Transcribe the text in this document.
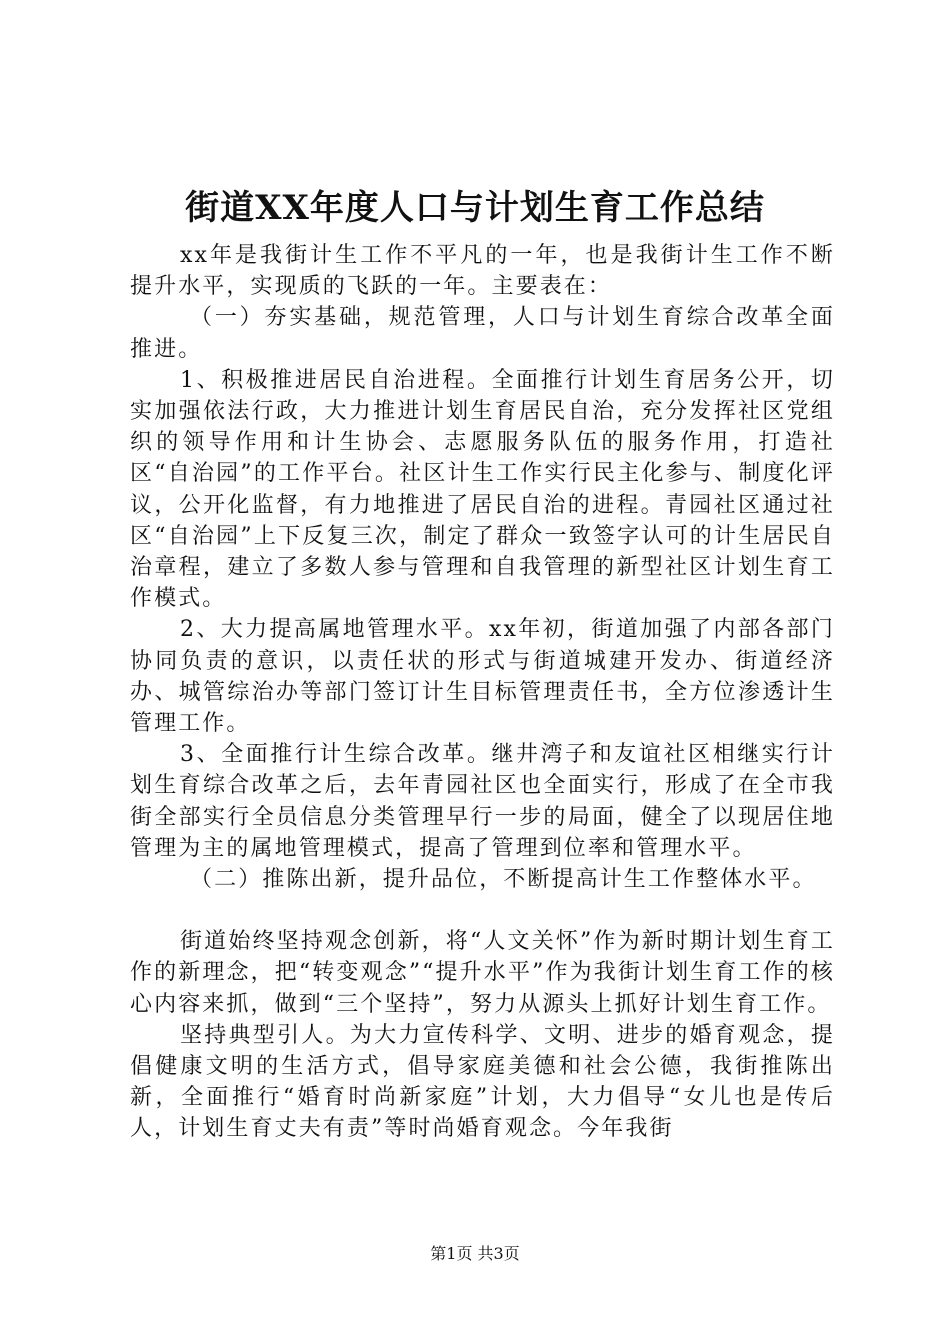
街道XX年度人口与计划生育工作总结

xx年是我街计生工作不平凡的一年，也是我街计生工作不断提升水平，实现质的飞跃的一年。主要表在：

（一）夯实基础，规范管理，人口与计划生育综合改革全面推进。

1、积极推进居民自治进程。全面推行计划生育居务公开，切实加强依法行政，大力推进计划生育居民自治，充分发挥社区党组织的领导作用和计生协会、志愿服务队伍的服务作用，打造社区“自治园”的工作平台。社区计生工作实行民主化参与、制度化评议，公开化监督，有力地推进了居民自治的进程。青园社区通过社区“自治园”上下反复三次，制定了群众一致签字认可的计生居民自治章程，建立了多数人参与管理和自我管理的新型社区计划生育工作模式。

2、大力提高属地管理水平。xx年初，街道加强了内部各部门协同负责的意识，以责任状的形式与街道城建开发办、街道经济办、城管综治办等部门签订计生目标管理责任书，全方位渗透计生管理工作。

3、全面推行计生综合改革。继井湾子和友谊社区相继实行计划生育综合改革之后，去年青园社区也全面实行，形成了在全市我街全部实行全员信息分类管理早行一步的局面，健全了以现居住地管理为主的属地管理模式，提高了管理到位率和管理水平。

（二）推陈出新，提升品位，不断提高计生工作整体水平。

街道始终坚持观念创新，将“人文关怀”作为新时期计划生育工作的新理念，把“转变观念”“提升水平”作为我街计划生育工作的核心内容来抓，做到“三个坚持”，努力从源头上抓好计划生育工作。

坚持典型引人。为大力宣传科学、文明、进步的婚育观念，提倡健康文明的生活方式，倡导家庭美德和社会公德，我街推陈出新，全面推行“婚育时尚新家庭”计划，大力倡导“女儿也是传后人，计划生育丈夫有责”等时尚婚育观念。今年我街

第1页 共3页
